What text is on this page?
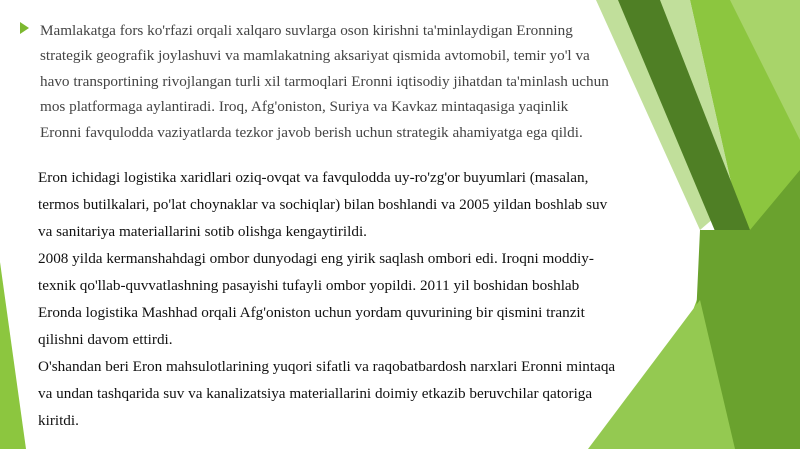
Mamlakatga fors ko'rfazi orqali xalqaro suvlarga oson kirishni ta'minlaydigan Eronning strategik geografik joylashuvi va mamlakatning aksariyat qismida avtomobil, temir yo'l va havo transportining rivojlangan turli xil tarmoqlari Eronni iqtisodiy jihatdan ta'minlash uchun mos platformaga aylantiradi. Iroq, Afg'oniston, Suriya va Kavkaz mintaqasiga yaqinlik Eronni favqulodda vaziyatlarda tezkor javob berish uchun strategik ahamiyatga ega qildi.

Eron ichidagi logistika xaridlari oziq-ovqat va favqulodda uy-ro'zg'or buyumlari (masalan, termos butilkalari, po'lat choynaklar va sochiqlar) bilan boshlandi va 2005 yildan boshlab suv va sanitariya materiallarini sotib olishga kengaytirildi.

2008 yilda kermanshahdagi ombor dunyodagi eng yirik saqlash ombori edi. Iroqni moddiy-texnik qo'llab-quvvatlashning pasayishi tufayli ombor yopildi. 2011 yil boshidan boshlab Eronda logistika Mashhad orqali Afg'oniston uchun yordam quvurining bir qismini tranzit qilishni davom ettirdi.

O'shandan beri Eron mahsulotlarining yuqori sifatli va raqobatbardosh narxlari Eronni mintaqa va undan tashqarida suv va kanalizatsiya materiallarini doimiy etkazib beruvchilar qatoriga kiritdi.
